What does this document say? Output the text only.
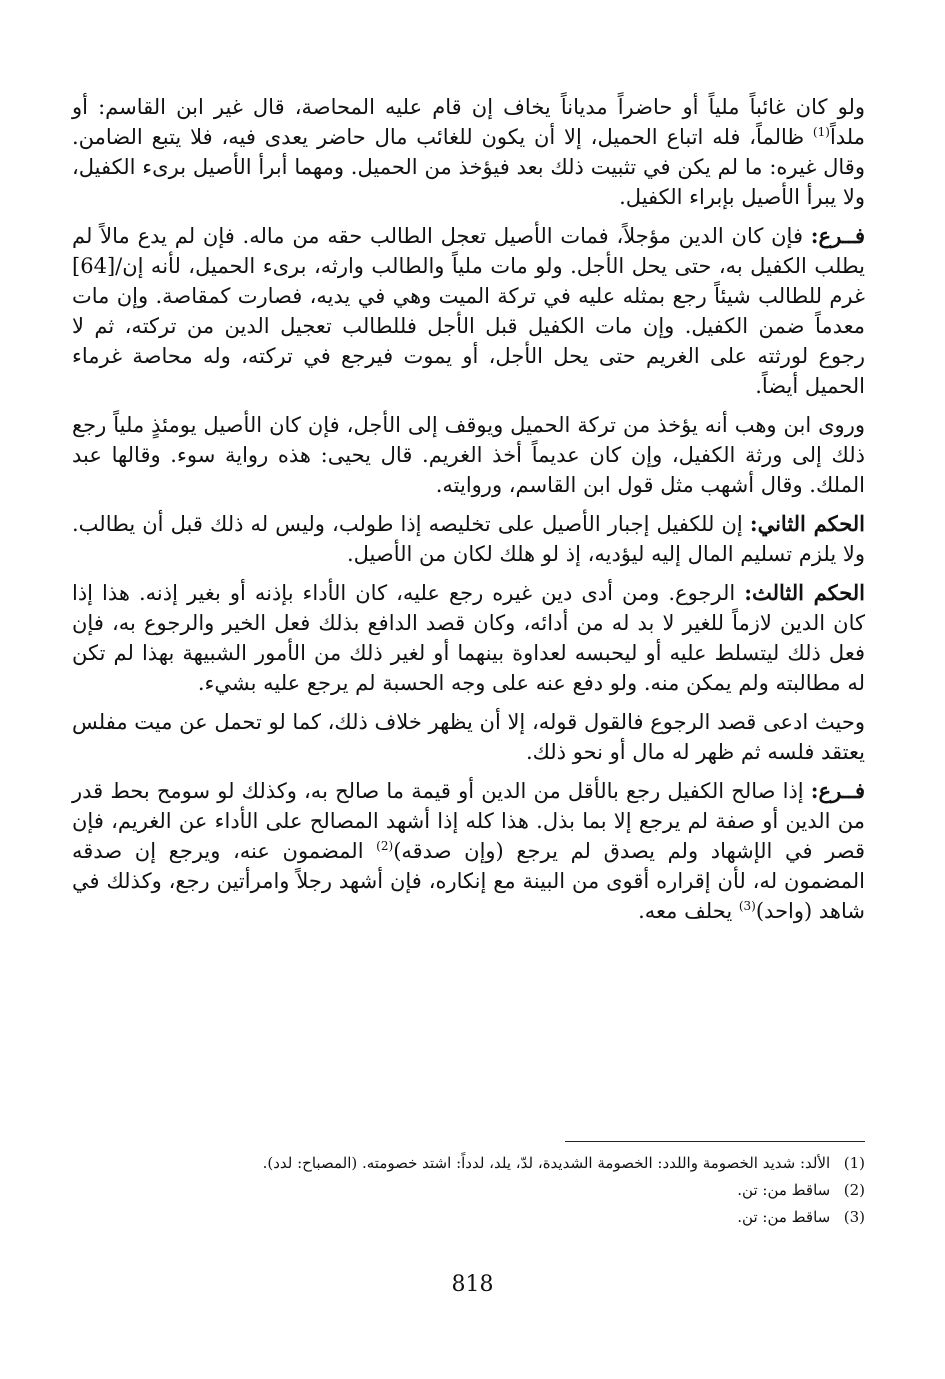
ولو كان غائباً ملياً أو حاضراً مدياناً يخاف إن قام عليه المحاصة، قال غير ابن القاسم: أو ملداً$^{(1)}$ ظالماً، فله اتباع الحميل، إلا أن يكون للغائب مال حاضر يعدى فيه، فلا يتبع الضامن. وقال غيره: ما لم يكن في تثبيت ذلك بعد فيؤخذ من الحميل. ومهما أبرأ الأصيل برىء الكفيل، ولا يبرأ الأصيل بإبراء الكفيل.

فــرع: فإن كان الدين مؤجلاً، فمات الأصيل تعجل الطالب حقه من ماله. فإن لم يدع مالاً لم يطلب الكفيل به، حتى يحل الأجل. ولو مات ملياً والطالب وارثه، برىء الحميل، لأنه إن/[64] غرم للطالب شيئاً رجع بمثله عليه في تركة الميت وهي في يديه، فصارت كمقاصة. وإن مات معدماً ضمن الكفيل. وإن مات الكفيل قبل الأجل فللطالب تعجيل الدين من تركته، ثم لا رجوع لورثته على الغريم حتى يحل الأجل، أو يموت فيرجع في تركته، وله محاصة غرماء الحميل أيضاً.

وروى ابن وهب أنه يؤخذ من تركة الحميل ويوقف إلى الأجل، فإن كان الأصيل يومئذٍ ملياً رجع ذلك إلى ورثة الكفيل، وإن كان عديماً أخذ الغريم. قال يحيى: هذه رواية سوء. وقالها عبد الملك. وقال أشهب مثل قول ابن القاسم، وروايته.

الحكم الثاني: إن للكفيل إجبار الأصيل على تخليصه إذا طولب، وليس له ذلك قبل أن يطالب. ولا يلزم تسليم المال إليه ليؤديه، إذ لو هلك لكان من الأصيل.

الحكم الثالث: الرجوع. ومن أدى دين غيره رجع عليه، كان الأداء بإذنه أو بغير إذنه. هذا إذا كان الدين لازماً للغير لا بد له من أدائه، وكان قصد الدافع بذلك فعل الخير والرجوع به، فإن فعل ذلك ليتسلط عليه أو ليحبسه لعداوة بينهما أو لغير ذلك من الأمور الشبيهة بهذا لم تكن له مطالبته ولم يمكن منه. ولو دفع عنه على وجه الحسبة لم يرجع عليه بشيء.

وحيث ادعى قصد الرجوع فالقول قوله، إلا أن يظهر خلاف ذلك، كما لو تحمل عن ميت مفلس يعتقد فلسه ثم ظهر له مال أو نحو ذلك.

فــرع: إذا صالح الكفيل رجع بالأقل من الدين أو قيمة ما صالح به، وكذلك لو سومح بحط قدر من الدين أو صفة لم يرجع إلا بما بذل. هذا كله إذا أشهد المصالح على الأداء عن الغريم، فإن قصر في الإشهاد ولم يصدق لم يرجع (وإن صدقه)$^{(2)}$ المضمون عنه، ويرجع إن صدقه المضمون له، لأن إقراره أقوى من البينة مع إنكاره، فإن أشهد رجلاً وامرأتين رجع، وكذلك في شاهد (واحد)$^{(3)}$ يحلف معه.

(1) الألد: شديد الخصومة واللدد: الخصومة الشديدة، لدّ، يلد، لدداً: اشتد خصومته. (المصباح: لدد).
(2) ساقط من: تن.
(3) ساقط من: تن.
818
